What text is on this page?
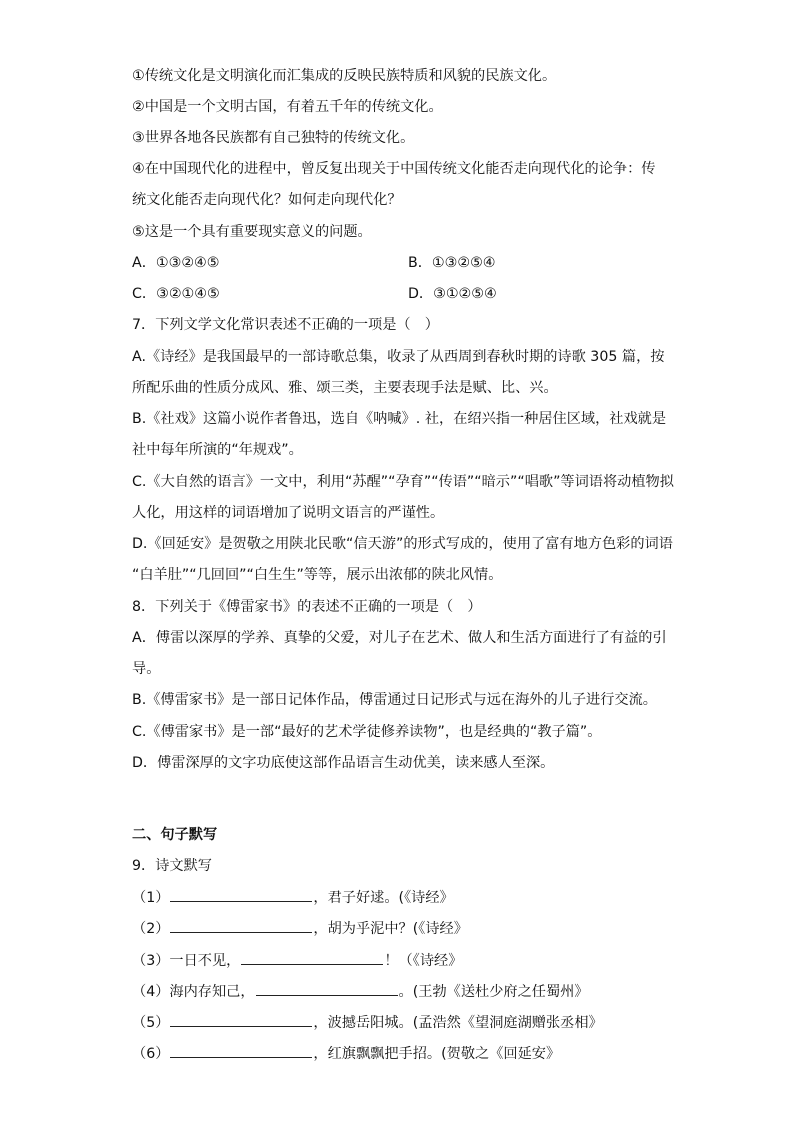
①传统文化是文明演化而汇集成的反映民族特质和风貌的民族文化。
②中国是一个文明古国，有着五千年的传统文化。
③世界各地各民族都有自己独特的传统文化。
④在中国现代化的进程中，曾反复出现关于中国传统文化能否走向现代化的论争：传
统文化能否走向现代化？如何走向现代化？
⑤这是一个具有重要现实意义的问题。
A．①③②④⑤	B．①③②⑤④
C．③②①④⑤	D．③①②⑤④
7．下列文学文化常识表述不正确的一项是（　）
A.《诗经》是我国最早的一部诗歌总集，收录了从西周到春秋时期的诗歌 305 篇，按
所配乐曲的性质分成风、雅、颂三类，主要表现手法是赋、比、兴。
B.《社戏》这篇小说作者鲁迅，选自《呐喊》. 社，在绍兴指一种居住区域，社戏就是
社中每年所演的“年规戏”。
C.《大自然的语言》一文中，利用“苏醒”“孕育”“传语”“暗示”“唱歌”等词语将动植物拟
人化，用这样的词语增加了说明文语言的严谨性。
D.《回延安》是贺敬之用陕北民歌“信天游”的形式写成的，使用了富有地方色彩的词语
“白羊肚”“几回回”“白生生”等等，展示出浓郁的陕北风情。
8．下列关于《傅雷家书》的表述不正确的一项是（　）
A．傅雷以深厚的学养、真挚的父爱，对儿子在艺术、做人和生活方面进行了有益的引
导。
B.《傅雷家书》是一部日记体作品，傅雷通过日记形式与远在海外的儿子进行交流。
C.《傅雷家书》是一部“最好的艺术学徒修养读物”，也是经典的“教子篇”。
D．傅雷深厚的文字功底使这部作品语言生动优美，读来感人至深。
二、句子默写
9．诗文默写
（1）	，君子好逑。(《诗经》
（2）	，胡为乎泥中？(《诗经》
（3）一日不见，	！（《诗经》
（4）海内存知己，	。(王勃《送杜少府之任蜀州》
（5）	，波撼岳阳城。(孟浩然《望洞庭湖赠张丞相》
（6）	，红旗飘飘把手招。(贺敬之《回延安》
